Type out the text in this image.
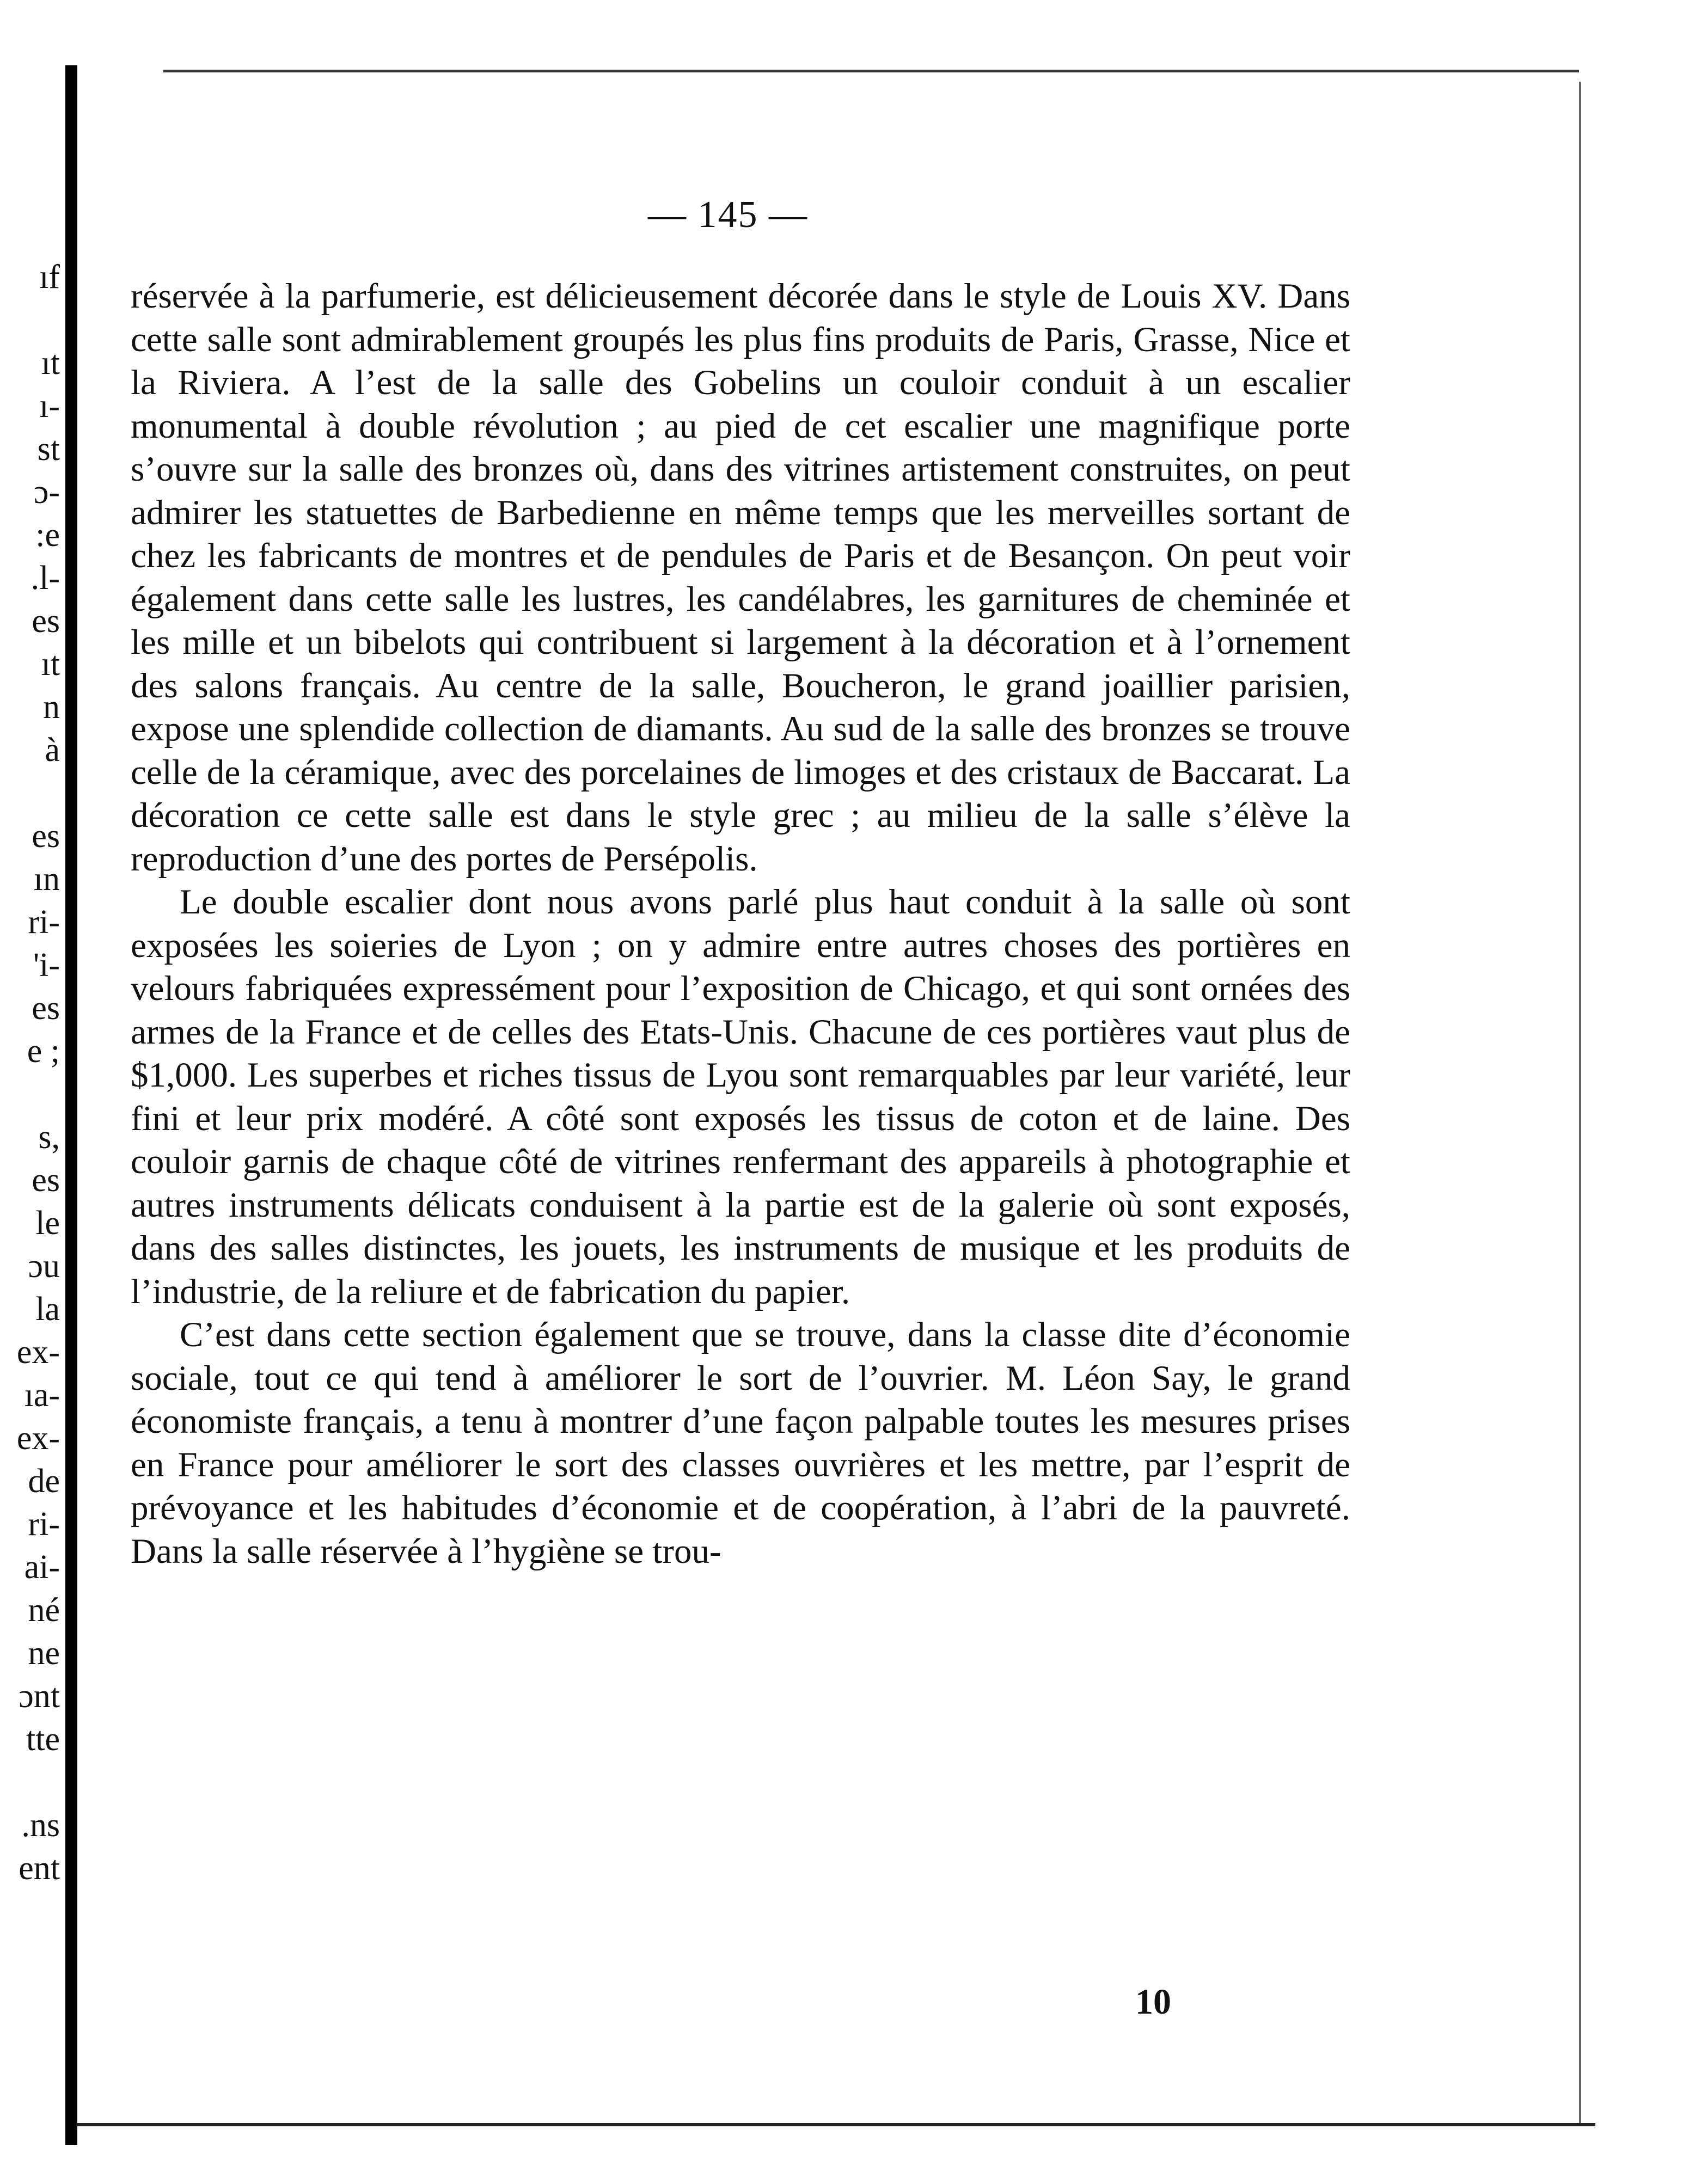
ıf
ıt
ı-
st
ɔ-
:e
.l-
es
ıt
n
à
es
ın
ri-
'i-
es
e ;
s,
es
le
ɔu
la
ex-
ıa-
ex-
de
ri-
ai-
né
ne
ɔnt
tte
.ns
ent
— 145 —

réservée à la parfumerie, est délicieusement décorée dans le style de Louis XV. Dans cette salle sont admirablement groupés les plus fins produits de Paris, Grasse, Nice et la Riviera. A l’est de la salle des Gobelins un couloir conduit à un escalier monumental à double révolution ; au pied de cet escalier une magnifique porte s’ouvre sur la salle des bronzes où, dans des vitrines artistement construites, on peut admirer les statuettes de Barbedienne en même temps que les merveilles sortant de chez les fabricants de montres et de pendules de Paris et de Besançon. On peut voir également dans cette salle les lustres, les candélabres, les garnitures de cheminée et les mille et un bibelots qui contribuent si largement à la décoration et à l’ornement des salons français. Au centre de la salle, Boucheron, le grand joaillier parisien, expose une splendide collection de diamants. Au sud de la salle des bronzes se trouve celle de la céramique, avec des porcelaines de limoges et des cristaux de Baccarat. La décoration ce cette salle est dans le style grec ; au milieu de la salle s’élève la reproduction d’une des portes de Persépolis.

Le double escalier dont nous avons parlé plus haut conduit à la salle où sont exposées les soieries de Lyon ; on y admire entre autres choses des portières en velours fabriquées expressément pour l’exposition de Chicago, et qui sont ornées des armes de la France et de celles des Etats-Unis. Chacune de ces portières vaut plus de $1,000. Les superbes et riches tissus de Lyou sont remarquables par leur variété, leur fini et leur prix modéré. A côté sont exposés les tissus de coton et de laine. Des couloir garnis de chaque côté de vitrines renfermant des appareils à photographie et autres instruments délicats conduisent à la partie est de la galerie où sont exposés, dans des salles distinctes, les jouets, les instruments de musique et les produits de l’industrie, de la reliure et de fabrication du papier.

C’est dans cette section également que se trouve, dans la classe dite d’économie sociale, tout ce qui tend à améliorer le sort de l’ouvrier. M. Léon Say, le grand économiste français, a tenu à montrer d’une façon palpable toutes les mesures prises en France pour améliorer le sort des classes ouvrières et les mettre, par l’esprit de prévoyance et les habitudes d’économie et de coopération, à l’abri de la pauvreté. Dans la salle réservée à l’hygiène se trou-

10
